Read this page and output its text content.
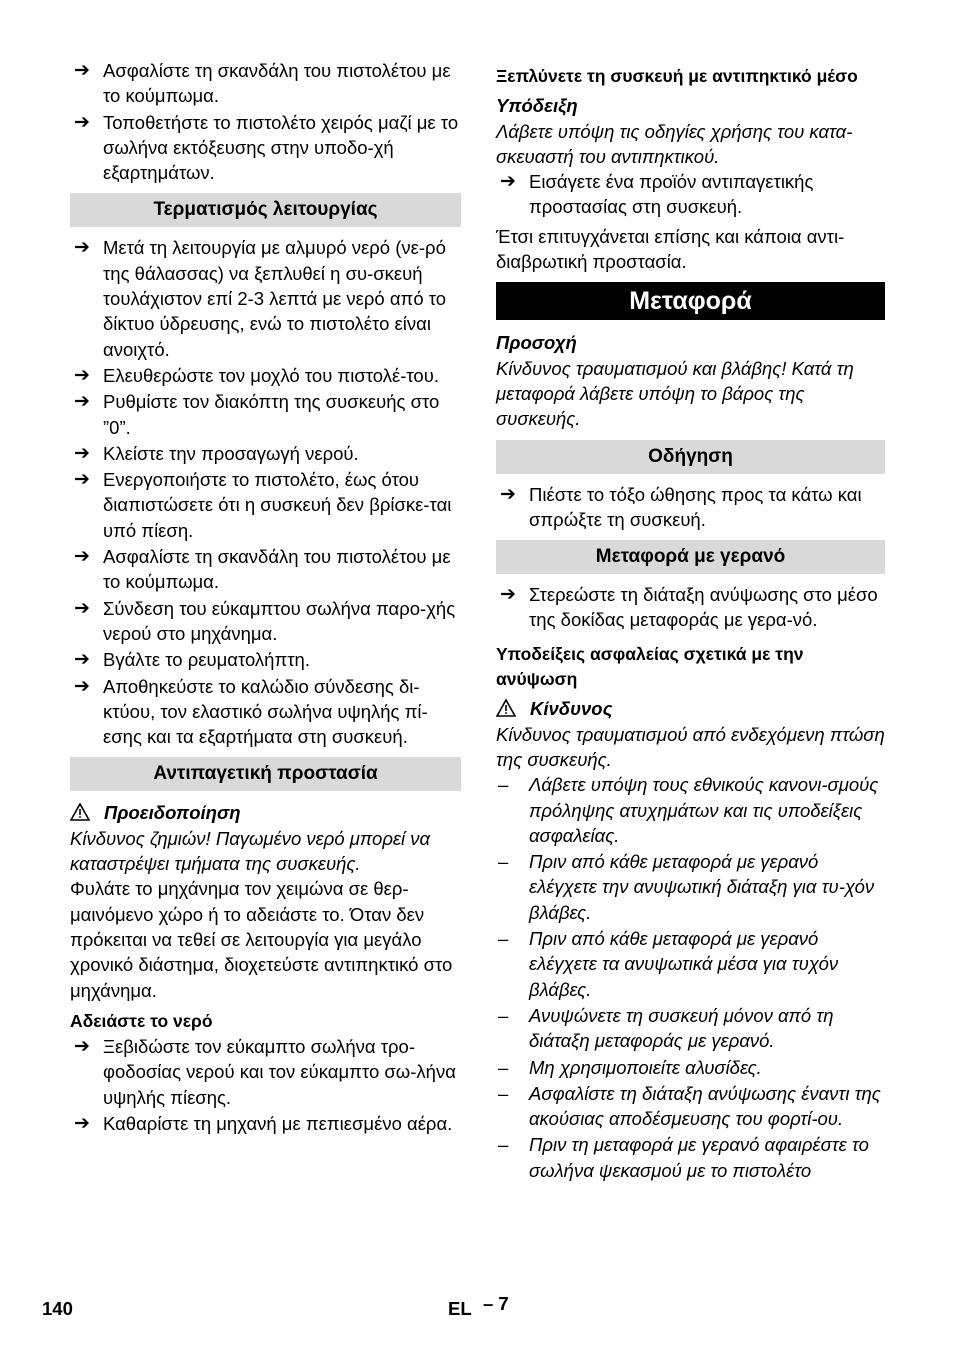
➔ Ασφαλίστε τη σκανδάλη του πιστολέτου με το κούμπωμα.
➔ Τοποθετήστε το πιστολέτο χειρός μαζί με το σωλήνα εκτόξευσης στην υποδο-χή εξαρτημάτων.
Τερματισμός λειτουργίας
➔ Μετά τη λειτουργία με αλμυρό νερό (νε-ρό της θάλασσας) να ξεπλυθεί η συ-σκευή τουλάχιστον επί 2-3 λεπτά με νερό από το δίκτυο ύδρευσης, ενώ το πιστολέτο είναι ανοιχτό.
➔ Ελευθερώστε τον μοχλό του πιστολέ-του.
➔ Ρυθμίστε τον διακόπτη της συσκευής στο ”0”.
➔ Κλείστε την προσαγωγή νερού.
➔ Ενεργοποιήστε το πιστολέτο, έως ότου διαπιστώσετε ότι η συσκευή δεν βρίσκε-ται υπό πίεση.
➔ Ασφαλίστε τη σκανδάλη του πιστολέτου με το κούμπωμα.
➔ Σύνδεση του εύκαμπτου σωλήνα παρο-χής νερού στο μηχάνημα.
➔ Βγάλτε το ρευματολήπτη.
➔ Αποθηκεύστε το καλώδιο σύνδεσης δι-κτύου, τον ελαστικό σωλήνα υψηλής πί-εσης και τα εξαρτήματα στη συσκευή.
Αντιπαγετική προστασία
Προειδοποίηση

Κίνδυνος ζημιών! Παγωμένο νερό μπορεί να καταστρέψει τμήματα της συσκευής.

Φυλάτε το μηχάνημα τον χειμώνα σε θερ-μαινόμενο χώρο ή το αδειάστε το. Όταν δεν πρόκειται να τεθεί σε λειτουργία για μεγάλο χρονικό διάστημα, διοχετεύστε αντιπηκτικό στο μηχάνημα.

Αδειάστε το νερό
➔ Ξεβιδώστε τον εύκαμπτο σωλήνα τρο-φοδοσίας νερού και τον εύκαμπτο σω-λήνα υψηλής πίεσης.
➔ Καθαρίστε τη μηχανή με πεπιεσμένο αέρα.
Ξεπλύνετε τη συσκευή με αντιπηκτικό μέσο

Υπόδειξη

Λάβετε υπόψη τις οδηγίες χρήσης του κατα-σκευαστή του αντιπηκτικού.

➔ Εισάγετε ένα προϊόν αντιπαγετικής προστασίας στη συσκευή.

Έτσι επιτυγχάνεται επίσης και κάποια αντι-διαβρωτική προστασία.

Μεταφορά

Προσοχή

Κίνδυνος τραυματισμού και βλάβης! Κατά τη μεταφορά λάβετε υπόψη το βάρος της συσκευής.

Οδήγηση
➔ Πιέστε το τόξο ώθησης προς τα κάτω και σπρώξτε τη συσκευή.
Μεταφορά με γερανό
➔ Στερεώστε τη διάταξη ανύψωσης στο μέσο της δοκίδας μεταφοράς με γερα-νό.
Υποδείξεις ασφαλείας σχετικά με την ανύψωση
Κίνδυνος

Κίνδυνος τραυματισμού από ενδεχόμενη πτώση της συσκευής.

– Λάβετε υπόψη τους εθνικούς κανονι-σμούς πρόληψης ατυχημάτων και τις υποδείξεις ασφαλείας.
– Πριν από κάθε μεταφορά με γερανό ελέγχετε την ανυψωτική διάταξη για τυ-χόν βλάβες.
– Πριν από κάθε μεταφορά με γερανό ελέγχετε τα ανυψωτικά μέσα για τυχόν βλάβες.
– Ανυψώνετε τη συσκευή μόνον από τη διάταξη μεταφοράς με γερανό.
– Μη χρησιμοποιείτε αλυσίδες.
– Ασφαλίστε τη διάταξη ανύψωσης έναντι της ακούσιας αποδέσμευσης του φορτί-ου.
– Πριν τη μεταφορά με γερανό αφαιρέστε το σωλήνα ψεκασμού με το πιστολέτο
140	EL – 7
